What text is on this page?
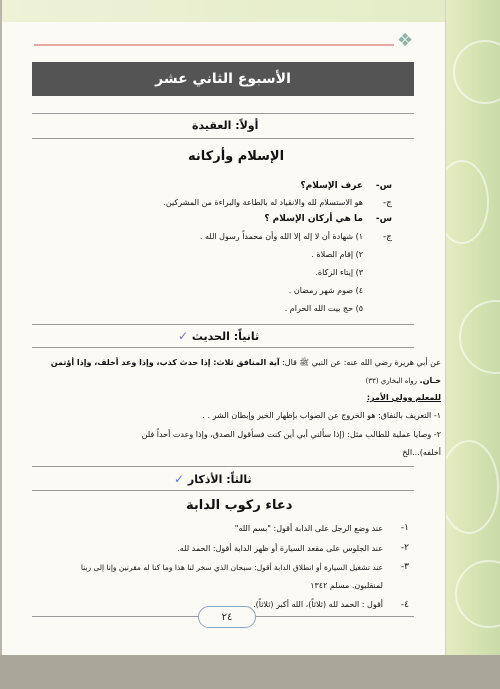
❖
الأسبوع الثاني عشر
أولاً: العقيدة
الإسلام وأركانه
س-
عرف الإسلام؟
ج-
هو الاستسلام لله والانقياد له بالطاعة والبراءة من المشركين.
س-
ما هي أركان الإسلام ؟
ج-
١) شهادة أن لا إله إلا الله وأن محمداً رسول الله .
٢) إقام الصلاة .
٣) إيتاء الزكاة.
٤) صوم شهر رمضان .
٥) حج بيت الله الحرام .
ثانياً: الحديث ✓
عن أبي هريرة رضي الله عنه: عن النبي ﷺ قال: آية المنافق ثلاث: إذا حدث كذب، وإذا وعد أخلف، وإذا أؤتمن
خـان. رواه البخاري (٣٣)
للمعلم وولي الأمر:
١- التعريف بالنفاق: هو الخروج عن الصواب بإظهار الخير وإبطان الشر . .
٢- وصايا عملية للطالب مثل: (إذا سألني أبي أين كنت فسأقول الصدق، وإذا وعدت أحداً فلن
أخلفه)...الخ
ثالثاً: الأذكار ✓
دعاء ركوب الدابة
١-
عند وضع الرجل على الدابة أقول: "بسم الله"
٢-
عند الجلوس على مقعد السيارة أو ظهر الدابة أقول: الحمد لله.
٣-
عند تشغيل السيارة أو انطلاق الدابة أقول: سبحان الذي سخر لنا هذا وما كنا له مقرنين وإنا إلى ربنا
لمنقلبون. مسلم ١٣٤٢
٤-
أقول : الحمد لله (ثلاثاً)، الله أكبر (ثلاثاً).
٢٤
